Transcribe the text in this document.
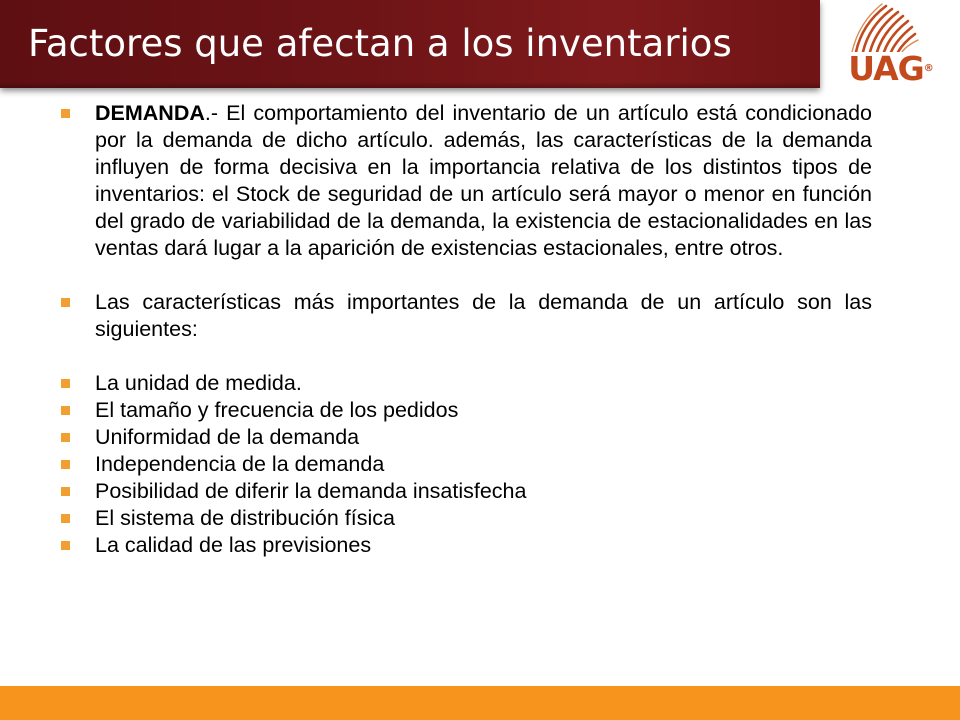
Factores que afectan a los inventarios
UAG®
DEMANDA.- El comportamiento del inventario de un artículo está condicionado por la demanda de dicho artículo. además, las características de la demanda influyen de forma decisiva en la importancia relativa de los distintos tipos de inventarios: el Stock de seguridad de un artículo será mayor o menor en función del grado de variabilidad de la demanda, la existencia de estacionalidades en las ventas dará lugar a la aparición de existencias estacionales, entre otros.
Las características más importantes de la demanda de un artículo son las siguientes:
La unidad de medida.
El tamaño y frecuencia de los pedidos
Uniformidad de la demanda
Independencia de la demanda
Posibilidad de diferir la demanda insatisfecha
El sistema de distribución física
La calidad de las previsiones
